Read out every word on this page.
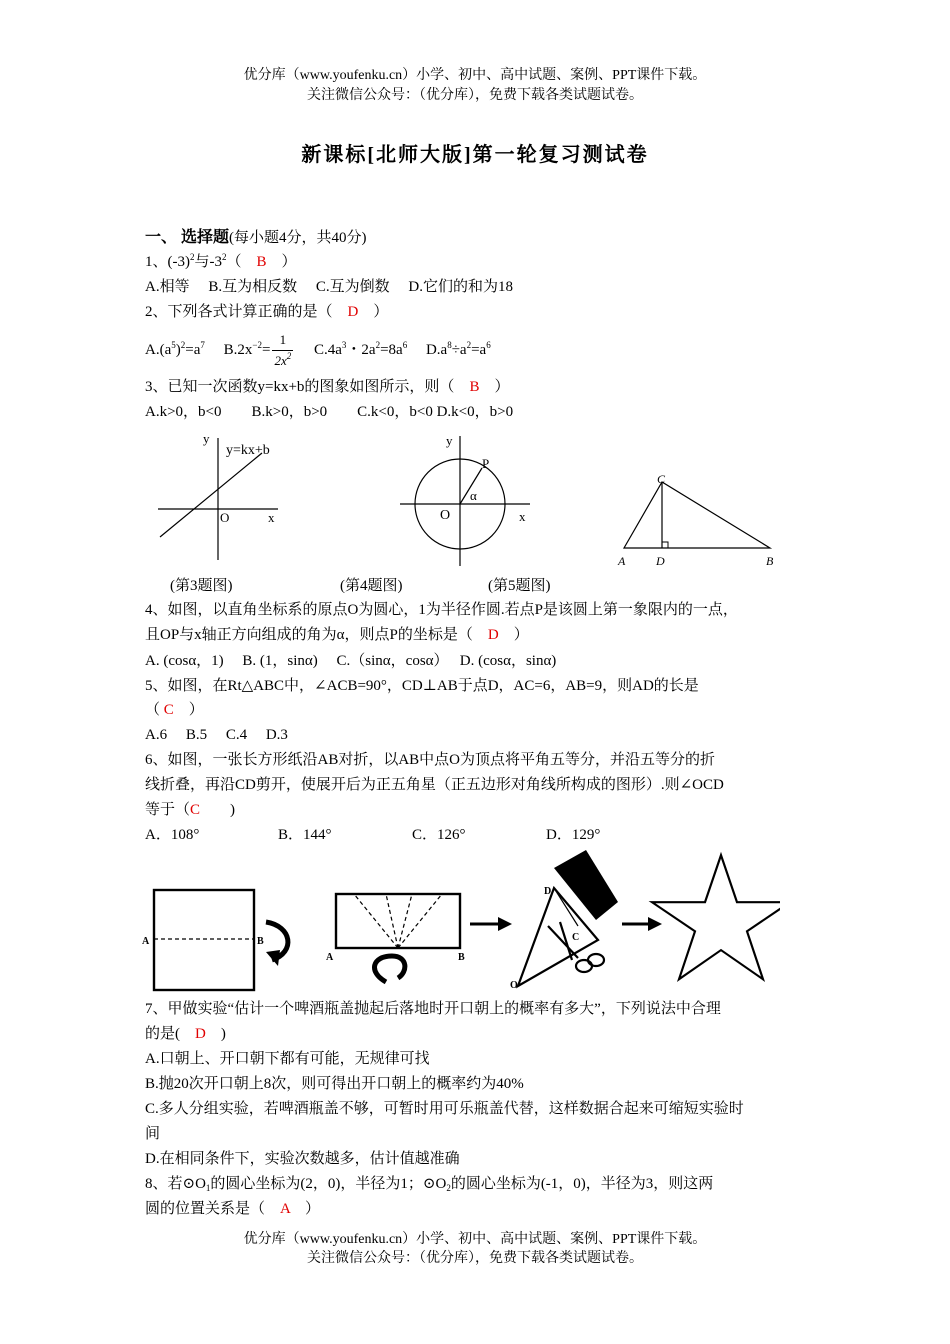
优分库（www.youfenku.cn）小学、初中、高中试题、案例、PPT课件下载。
关注微信公众号：（优分库），免费下载各类试题试卷。
新课标[北师大版]第一轮复习测试卷
一、 选择题(每小题4分，共40分)
1、$(-3)^2$与$-3^2$（　B　）
A.相等　 B.互为相反数　 C.互为倒数　 D.它们的和为18
2、下列各式计算正确的是（　 D　）
$A.(a^5)^2=a^7$　 $B.2x^{-2}= \frac{1}{2x^2}$ 　 $C.4a^3$・$2a^2=8a^6$　 $D.a^8\div a^2=a^6$
3、已知一次函数y=kx+b的图象如图所示，则（　 B　）
A.k>0，b<0　　B.k>0，b>0　　C.k<0，b<0 D.k<0，b>0
y
y=kx+b
O	x
y
P
α
O	x
A
C
D	B
(第3题图)	(第4题图)	(第5题图)
4、如图，以直角坐标系的原点O为圆心，1为半径作圆.若点P是该圆上第一象限内的一点，
且OP与x轴正方向组成的角为α，则点P的坐标是（　 D　）
A. (cosα，1)　 B. (1，sinα)　 C.（sinα，cosα）　 D. (cosα，sinα)
5、如图，在Rt△ABC中，∠ACB=90°，CD⊥AB于点D，AC=6，AB=9，则AD的长是
（ C　）
A.6　 B.5　 C.4　 D.3
6、如图，一张长方形纸沿AB对折，以AB中点O为顶点将平角五等分，并沿五等分的折
线折叠，再沿CD剪开，使展开后为正五角星（正五边形对角线所构成的图形）.则∠OCD
等于（C　　)
A．108°	B．144°	C．126°	D．129°
A	B
A	B
D
C
O
7、甲做实验“估计一个啤酒瓶盖抛起后落地时开口朝上的概率有多大”，下列说法中合理
的是(　 D　)
A.口朝上、开口朝下都有可能，无规律可找
B.抛20次开口朝上8次，则可得出开口朝上的概率约为40%
C.多人分组实验，若啤酒瓶盖不够，可暂时用可乐瓶盖代替，这样数据合起来可缩短实验时
间
D.在相同条件下，实验次数越多，估计值越准确
8、若$⊙O_1$的圆心坐标为(2，0)，半径为1；$⊙O_2$的圆心坐标为(-1，0)，半径为3，则这两
圆的位置关系是（　 A　）
优分库（www.youfenku.cn）小学、初中、高中试题、案例、PPT课件下载。
关注微信公众号：（优分库），免费下载各类试题试卷。
